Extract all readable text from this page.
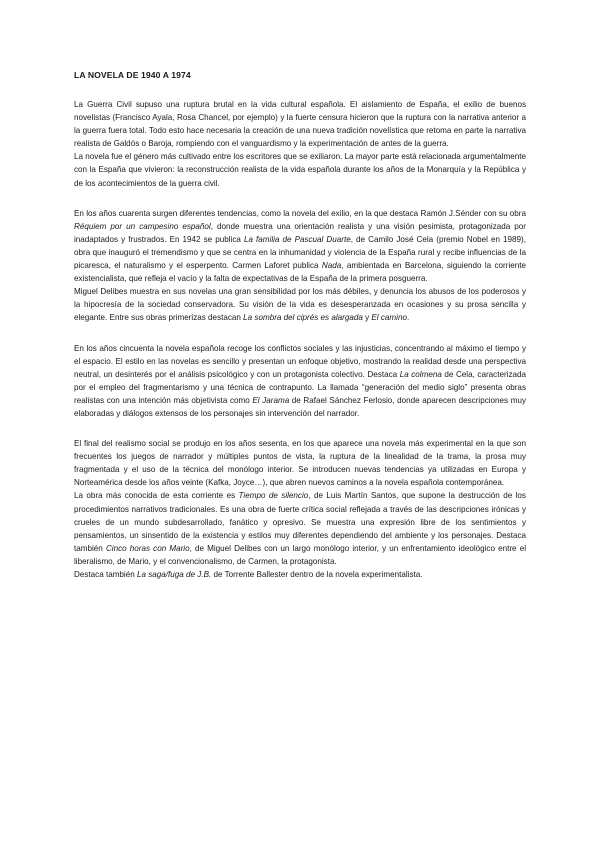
LA NOVELA DE 1940 A 1974

La Guerra Civil supuso una ruptura brutal en la vida cultural española. El aislamiento de España, el exilio de buenos novelistas (Francisco Ayala, Rosa Chancel, por ejemplo) y la fuerte censura hicieron que la ruptura con la narrativa anterior a la guerra fuera total. Todo esto hace necesaria la creación de una nueva tradición novelística que retoma en parte la narrativa realista de Galdós o Baroja, rompiendo con el vanguardismo y la experimentación de antes de la guerra.

La novela fue el género más cultivado entre los escritores que se exiliaron. La mayor parte está relacionada argumentalmente con la España que vivieron: la reconstrucción realista de la vida española durante los años de la Monarquía y la República y de los acontecimientos de la guerra civil.

En los años cuarenta surgen diferentes tendencias, como la novela del exilio, en la que destaca Ramón J.Sénder con su obra Réquiem por un campesino español, donde muestra una orientación realista y una visión pesimista, protagonizada por inadaptados y frustrados. En 1942 se publica La familia de Pascual Duarte, de Camilo José Cela (premio Nobel en 1989), obra que inauguró el tremendismo y que se centra en la inhumanidad y violencia de la España rural y recibe influencias de la picaresca, el naturalismo y el esperpento. Carmen Laforet publica Nada, ambientada en Barcelona, siguiendo la corriente existencialista, que refleja el vacío y la falta de expectativas de la España de la primera posguerra.

Miguel Delibes muestra en sus novelas una gran sensibilidad por los más débiles, y denuncia los abusos de los poderosos y la hipocresía de la sociedad conservadora. Su visión de la vida es desesperanzada en ocasiones y su prosa sencilla y elegante. Entre sus obras primerizas destacan La sombra del ciprés es alargada y El camino.

En los años cincuenta la novela española recoge los conflictos sociales y las injusticias, concentrando al máximo el tiempo y el espacio. El estilo en las novelas es sencillo y presentan un enfoque objetivo, mostrando la realidad desde una perspectiva neutral, un desinterés por el análisis psicológico y con un protagonista colectivo. Destaca La colmena de Cela, caracterizada por el empleo del fragmentarismo y una técnica de contrapunto. La llamada “generación del medio siglo” presenta obras realistas con una intención más objetivista como El Jarama de Rafael Sánchez Ferlosio, donde aparecen descripciones muy elaboradas y diálogos extensos de los personajes sin intervención del narrador.

El final del realismo social se produjo en los años sesenta, en los que aparece una novela más experimental en la que son frecuentes los juegos de narrador y múltiples puntos de vista, la ruptura de la linealidad de la trama, la prosa muy fragmentada y el uso de la técnica del monólogo interior. Se introducen nuevas tendencias ya utilizadas en Europa y Norteamérica desde los años veinte (Kafka, Joyce…), que abren nuevos caminos a la novela española contemporánea.

La obra más conocida de esta corriente es Tiempo de silencio, de Luis Martín Santos, que supone la destrucción de los procedimientos narrativos tradicionales. Es una obra de fuerte crítica social reflejada a través de las descripciones irónicas y crueles de un mundo subdesarrollado, fanático y opresivo. Se muestra una expresión libre de los sentimientos y pensamientos, un sinsentido de la existencia y estilos muy diferentes dependiendo del ambiente y los personajes. Destaca también Cinco horas con Mario, de Miguel Delibes con un largo monólogo interior, y un enfrentamiento ideológico entre el liberalismo, de Mario, y el convencionalismo, de Carmen, la protagonista.

Destaca también La saga/fuga de J.B. de Torrente Ballester dentro de la novela experimentalista.
